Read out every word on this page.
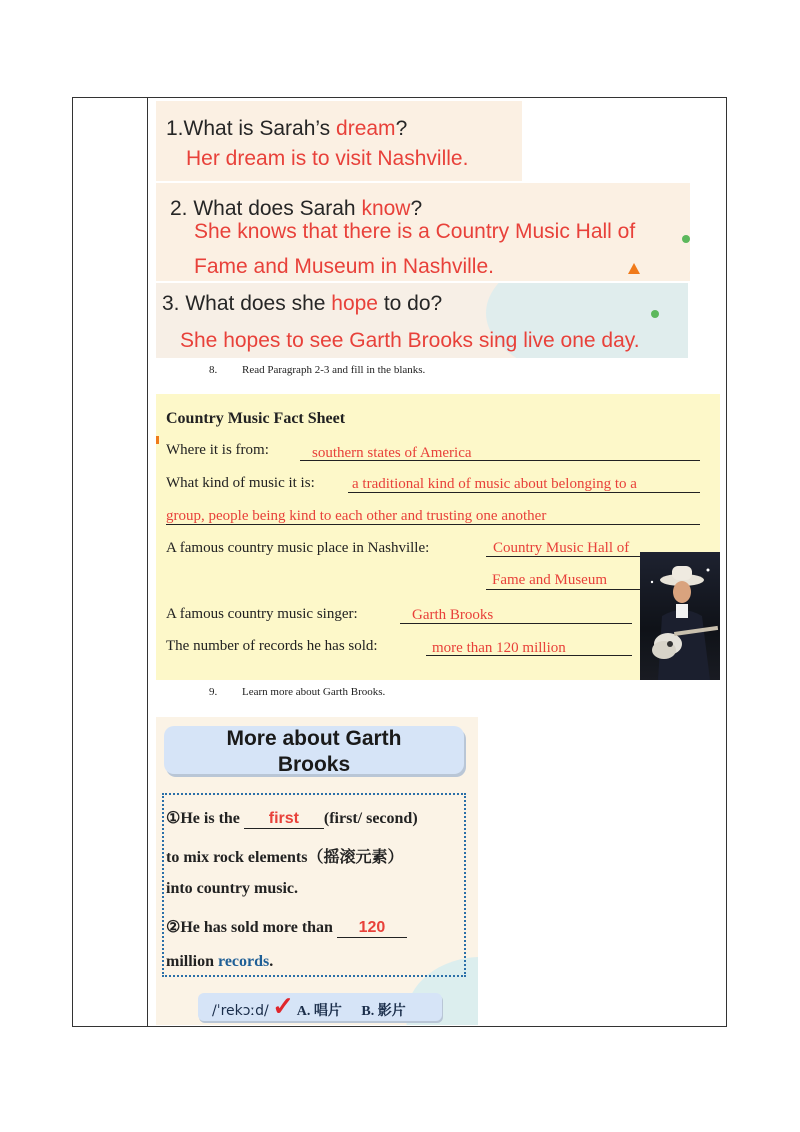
1.What is Sarah’s dream?
Her dream is to visit Nashville.
2. What does Sarah know?
She knows that there is a Country Music Hall of
Fame and Museum in Nashville.
3. What does she hope to do?
She hopes to see Garth Brooks sing live one day.
8. Read Paragraph 2-3 and fill in the blanks.
Country Music Fact Sheet
Where it is from:	southern states of America
What kind of music it is: a traditional kind of music about belonging to a
group, people being kind to each other and trusting one another
A famous country music place in Nashville:	Country Music Hall of
Fame and Museum
A famous country music singer:	Garth Brooks
The number of records he has sold:	more than 120 million
9. Learn more about Garth Brooks.
More about Garth
Brooks
①He is the first (first/ second)
to mix rock elements（摇滚元素）
into country music.
②He has sold more than 120
million records.
/ˈrekɔːd/ ✓ A. 唱片 B. 影片
